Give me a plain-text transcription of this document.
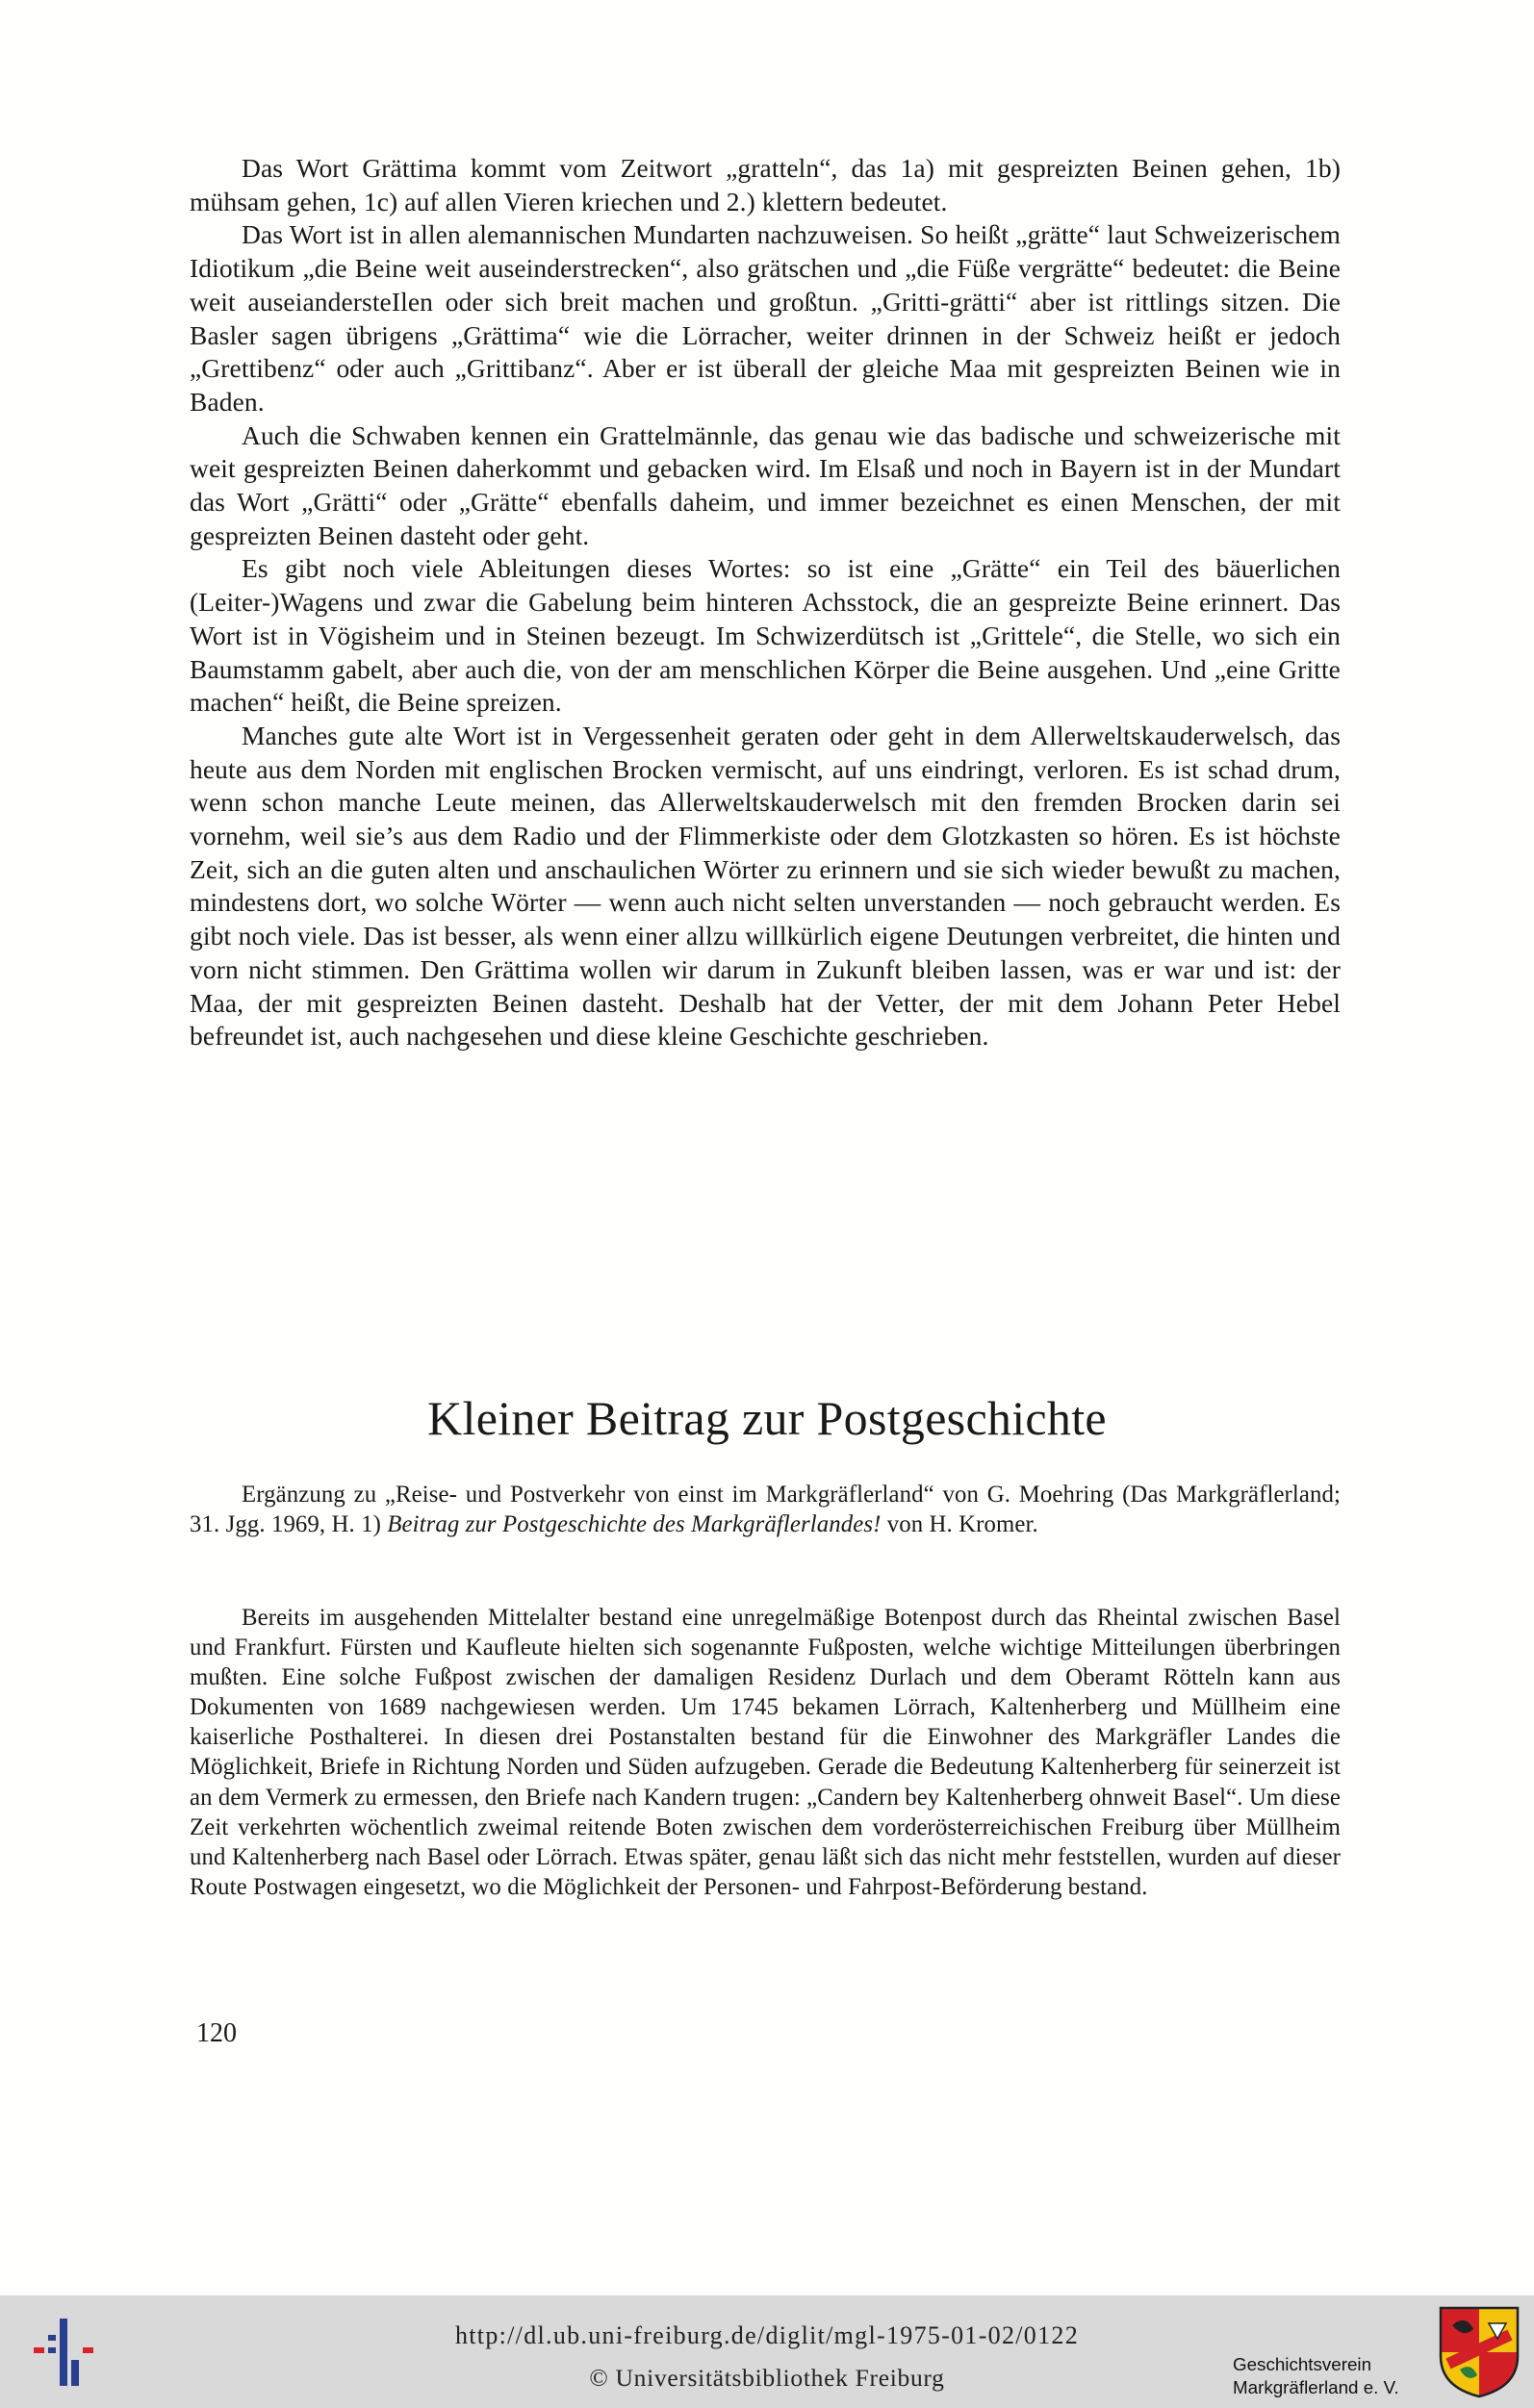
Das Wort Grättima kommt vom Zeitwort „gratteln“, das 1a) mit gespreizten Beinen gehen, 1b) mühsam gehen, 1c) auf allen Vieren kriechen und 2.) klettern bedeutet.

Das Wort ist in allen alemannischen Mundarten nachzuweisen. So heißt „grätte“ laut Schweizerischem Idiotikum „die Beine weit auseinderstrecken“, also grätschen und „die Füße vergrätte“ bedeutet: die Beine weit auseiandersteIlen oder sich breit machen und großtun. „Gritti-grätti“ aber ist rittlings sitzen. Die Basler sagen übrigens „Grättima“ wie die Lörracher, weiter drinnen in der Schweiz heißt er jedoch „Grettibenz“ oder auch „Grittibanz“. Aber er ist überall der gleiche Maa mit gespreizten Beinen wie in Baden.

Auch die Schwaben kennen ein Grattelmännle, das genau wie das badische und schweizerische mit weit gespreizten Beinen daherkommt und gebacken wird. Im Elsaß und noch in Bayern ist in der Mundart das Wort „Grätti“ oder „Grätte“ ebenfalls daheim, und immer bezeichnet es einen Menschen, der mit gespreizten Beinen dasteht oder geht.

Es gibt noch viele Ableitungen dieses Wortes: so ist eine „Grätte“ ein Teil des bäuerlichen (Leiter-)Wagens und zwar die Gabelung beim hinteren Achsstock, die an gespreizte Beine erinnert. Das Wort ist in Vögisheim und in Steinen bezeugt. Im Schwizerdütsch ist „Grittele“, die Stelle, wo sich ein Baumstamm gabelt, aber auch die, von der am menschlichen Körper die Beine ausgehen. Und „eine Gritte machen“ heißt, die Beine spreizen.

Manches gute alte Wort ist in Vergessenheit geraten oder geht in dem Allerweltskauderwelsch, das heute aus dem Norden mit englischen Brocken vermischt, auf uns eindringt, verloren. Es ist schad drum, wenn schon manche Leute meinen, das Allerweltskauderwelsch mit den fremden Brocken darin sei vornehm, weil sie’s aus dem Radio und der Flimmerkiste oder dem Glotzkasten so hören. Es ist höchste Zeit, sich an die guten alten und anschaulichen Wörter zu erinnern und sie sich wieder bewußt zu machen, mindestens dort, wo solche Wörter — wenn auch nicht selten unverstanden — noch gebraucht werden. Es gibt noch viele. Das ist besser, als wenn einer allzu willkürlich eigene Deutungen verbreitet, die hinten und vorn nicht stimmen. Den Grättima wollen wir darum in Zukunft bleiben lassen, was er war und ist: der Maa, der mit gespreizten Beinen dasteht. Deshalb hat der Vetter, der mit dem Johann Peter Hebel befreundet ist, auch nachgesehen und diese kleine Geschichte geschrieben.

Kleiner Beitrag zur Postgeschichte

Ergänzung zu „Reise- und Postverkehr von einst im Markgräflerland“ von G. Moehring (Das Markgräflerland; 31. Jgg. 1969, H. 1) Beitrag zur Postgeschichte des Markgräflerlandes! von H. Kromer.

Bereits im ausgehenden Mittelalter bestand eine unregelmäßige Botenpost durch das Rheintal zwischen Basel und Frankfurt. Fürsten und Kaufleute hielten sich sogenannte Fußposten, welche wichtige Mitteilungen überbringen mußten. Eine solche Fußpost zwischen der damaligen Residenz Durlach und dem Oberamt Rötteln kann aus Dokumenten von 1689 nachgewiesen werden. Um 1745 bekamen Lörrach, Kaltenherberg und Müllheim eine kaiserliche Posthalterei. In diesen drei Postanstalten bestand für die Einwohner des Markgräfler Landes die Möglichkeit, Briefe in Richtung Norden und Süden aufzugeben. Gerade die Bedeutung Kaltenherberg für seinerzeit ist an dem Vermerk zu ermessen, den Briefe nach Kandern trugen: „Candern bey Kaltenherberg ohnweit Basel“. Um diese Zeit verkehrten wöchentlich zweimal reitende Boten zwischen dem vorderösterreichischen Freiburg über Müllheim und Kaltenherberg nach Basel oder Lörrach. Etwas später, genau läßt sich das nicht mehr feststellen, wurden auf dieser Route Postwagen eingesetzt, wo die Möglichkeit der Personen- und Fahrpost-Beförderung bestand.

120
http://dl.ub.uni-freiburg.de/diglit/mgl-1975-01-02/0122
© Universitätsbibliothek Freiburg	Geschichtsverein
Markgräflerland e. V.
